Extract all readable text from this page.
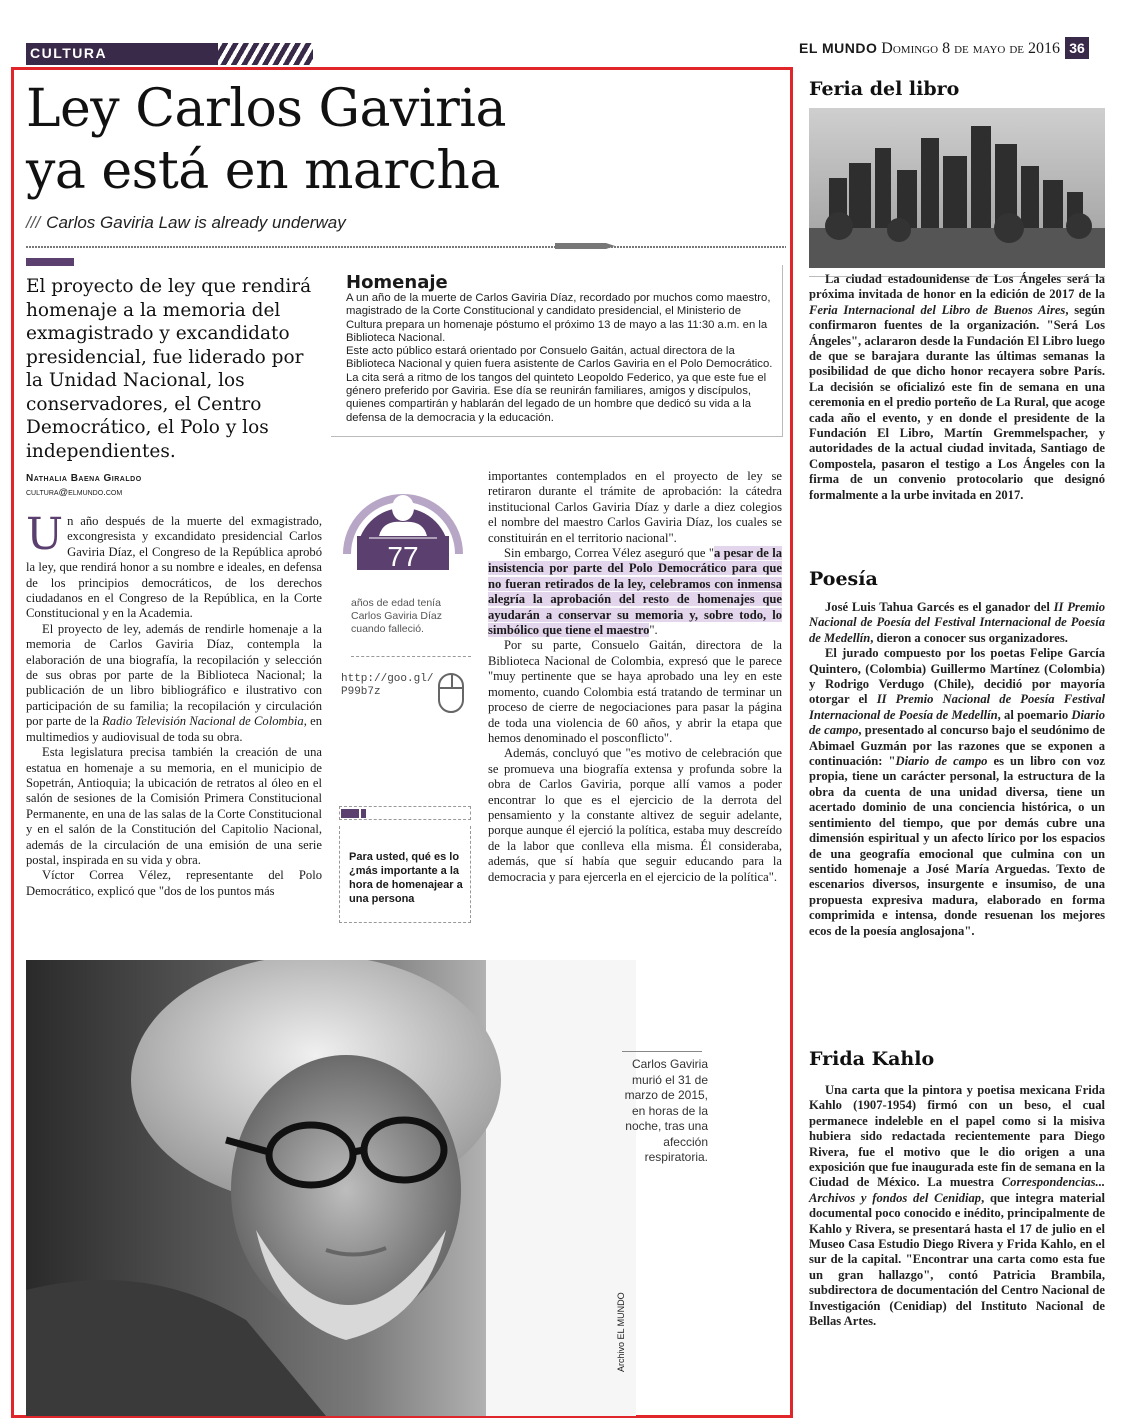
CULTURA	EL MUNDO Domingo 8 de mayo de 2016 36
Ley Carlos Gaviria
ya está en marcha
/// Carlos Gaviria Law is already underway
El proyecto de ley que rendirá homenaje a la memoria del exmagistrado y excandidato presidencial, fue liderado por la Unidad Nacional, los conservadores, el Centro Democrático, el Polo y los independientes.
Homenaje

A un año de la muerte de Carlos Gaviria Díaz, recordado por muchos como maestro, magistrado de la Corte Constitucional y candidato presidencial, el Ministerio de Cultura prepara un homenaje póstumo el próximo 13 de mayo a las 11:30 a.m. en la Biblioteca Nacional.

Este acto público estará orientado por Consuelo Gaitán, actual directora de la Biblioteca Nacional y quien fuera asistente de Carlos Gaviria en el Polo Democrático. La cita será a ritmo de los tangos del quinteto Leopoldo Federico, ya que este fue el género preferido por Gaviria. Ese día se reunirán familiares, amigos y discípulos, quienes compartirán y hablarán del legado de un hombre que dedicó su vida a la defensa de la democracia y la educación.

Nathalia Baena Giraldo
cultura@elmundo.com

Un año después de la muerte del exmagistrado, excongresista y excandidato presidencial Carlos Gaviria Díaz, el Congreso de la República aprobó la ley, que rendirá honor a su nombre e ideales, en defensa de los principios democráticos, de los derechos ciudadanos en el Congreso de la República, en la Corte Constitucional y en la Academia.

El proyecto de ley, además de rendirle homenaje a la memoria de Carlos Gaviria Díaz, contempla la elaboración de una biografía, la recopilación y selección de sus obras por parte de la Biblioteca Nacional; la publicación de un libro bibliográfico e ilustrativo con participación de su familia; la recopilación y circulación por parte de la Radio Televisión Nacional de Colombia, en multimedios y audiovisual de toda su obra.

Esta legislatura precisa también la creación de una estatua en homenaje a su memoria, en el municipio de Sopetrán, Antioquia; la ubicación de retratos al óleo en el salón de sesiones de la Comisión Primera Constitucional Permanente, en una de las salas de la Corte Constitucional y en el salón de la Constitución del Capitolio Nacional, además de la circulación de una emisión de una serie postal, inspirada en su vida y obra.

Víctor Correa Vélez, representante del Polo Democrático, explicó que "dos de los puntos más

77
años de edad tenía Carlos Gaviria Díaz cuando falleció.
http://goo.gl/
P99b7z
Para usted, qué es lo ¿más importante a la hora de homenajear a una persona

importantes contemplados en el proyecto de ley se retiraron durante el trámite de aprobación: la cátedra institucional Carlos Gaviria Díaz y darle a diez colegios el nombre del maestro Carlos Gaviria Díaz, los cuales se constituirán en el territorio nacional".

Sin embargo, Correa Vélez aseguró que "a pesar de la insistencia por parte del Polo Democrático para que no fueran retirados de la ley, celebramos con inmensa alegría la aprobación del resto de homenajes que ayudarán a conservar su memoria y, sobre todo, lo simbólico que tiene el maestro".

Por su parte, Consuelo Gaitán, directora de la Biblioteca Nacional de Colombia, expresó que le parece "muy pertinente que se haya aprobado una ley en este momento, cuando Colombia está tratando de terminar un proceso de cierre de negociaciones para pasar la página de toda una violencia de 60 años, y abrir la etapa que hemos denominado el posconflicto".

Además, concluyó que "es motivo de celebración que se promueva una biografía extensa y profunda sobre la obra de Carlos Gaviria, porque allí vamos a poder encontrar lo que es el ejercicio de la derrota del pensamiento y la constante altivez de seguir adelante, porque aunque él ejerció la política, estaba muy descreído de la labor que conlleva ella misma. Él consideraba, además, que sí había que seguir educando para la democracia y para ejercerla en el ejercicio de la política".

Archivo EL MUNDO
Carlos Gaviria murió el 31 de marzo de 2015, en horas de la noche, tras una afección respiratoria.
Feria del libro

La ciudad estadounidense de Los Ángeles será la próxima invitada de honor en la edición de 2017 de la Feria Internacional del Libro de Buenos Aires, según confirmaron fuentes de la organización. "Será Los Ángeles", aclararon desde la Fundación El Libro luego de que se barajara durante las últimas semanas la posibilidad de que dicho honor recayera sobre París. La decisión se oficializó este fin de semana en una ceremonia en el predio porteño de La Rural, que acoge cada año el evento, y en donde el presidente de la Fundación El Libro, Martín Gremmelspacher, y autoridades de la actual ciudad invitada, Santiago de Compostela, pasaron el testigo a Los Ángeles con la firma de un convenio protocolario que designó formalmente a la urbe invitada en 2017.

Poesía

José Luis Tahua Garcés es el ganador del II Premio Nacional de Poesía del Festival Internacional de Poesía de Medellín, dieron a conocer sus organizadores.

El jurado compuesto por los poetas Felipe García Quintero, (Colombia) Guillermo Martínez (Colombia) y Rodrigo Verdugo (Chile), decidió por mayoría otorgar el II Premio Nacional de Poesía Festival Internacional de Poesía de Medellín, al poemario Diario de campo, presentado al concurso bajo el seudónimo de Abimael Guzmán por las razones que se exponen a continuación: "Diario de campo es un libro con voz propia, tiene un carácter personal, la estructura de la obra da cuenta de una unidad diversa, tiene un acertado dominio de una conciencia histórica, o un sentimiento del tiempo, que por demás cubre una dimensión espiritual y un afecto lírico por los espacios de una geografía emocional que culmina con un sentido homenaje a José María Arguedas. Texto de escenarios diversos, insurgente e insumiso, de una propuesta expresiva madura, elaborado en forma comprimida e intensa, donde resuenan los mejores ecos de la poesía anglosajona".

Frida Kahlo

Una carta que la pintora y poetisa mexicana Frida Kahlo (1907-1954) firmó con un beso, el cual permanece indeleble en el papel como si la misiva hubiera sido redactada recientemente para Diego Rivera, fue el motivo que le dio origen a una exposición que fue inaugurada este fin de semana en la Ciudad de México. La muestra Correspondencias... Archivos y fondos del Cenidiap, que integra material documental poco conocido e inédito, principalmente de Kahlo y Rivera, se presentará hasta el 17 de julio en el Museo Casa Estudio Diego Rivera y Frida Kahlo, en el sur de la capital. "Encontrar una carta como esta fue un gran hallazgo", contó Patricia Brambila, subdirectora de documentación del Centro Nacional de Investigación (Cenidiap) del Instituto Nacional de Bellas Artes.
